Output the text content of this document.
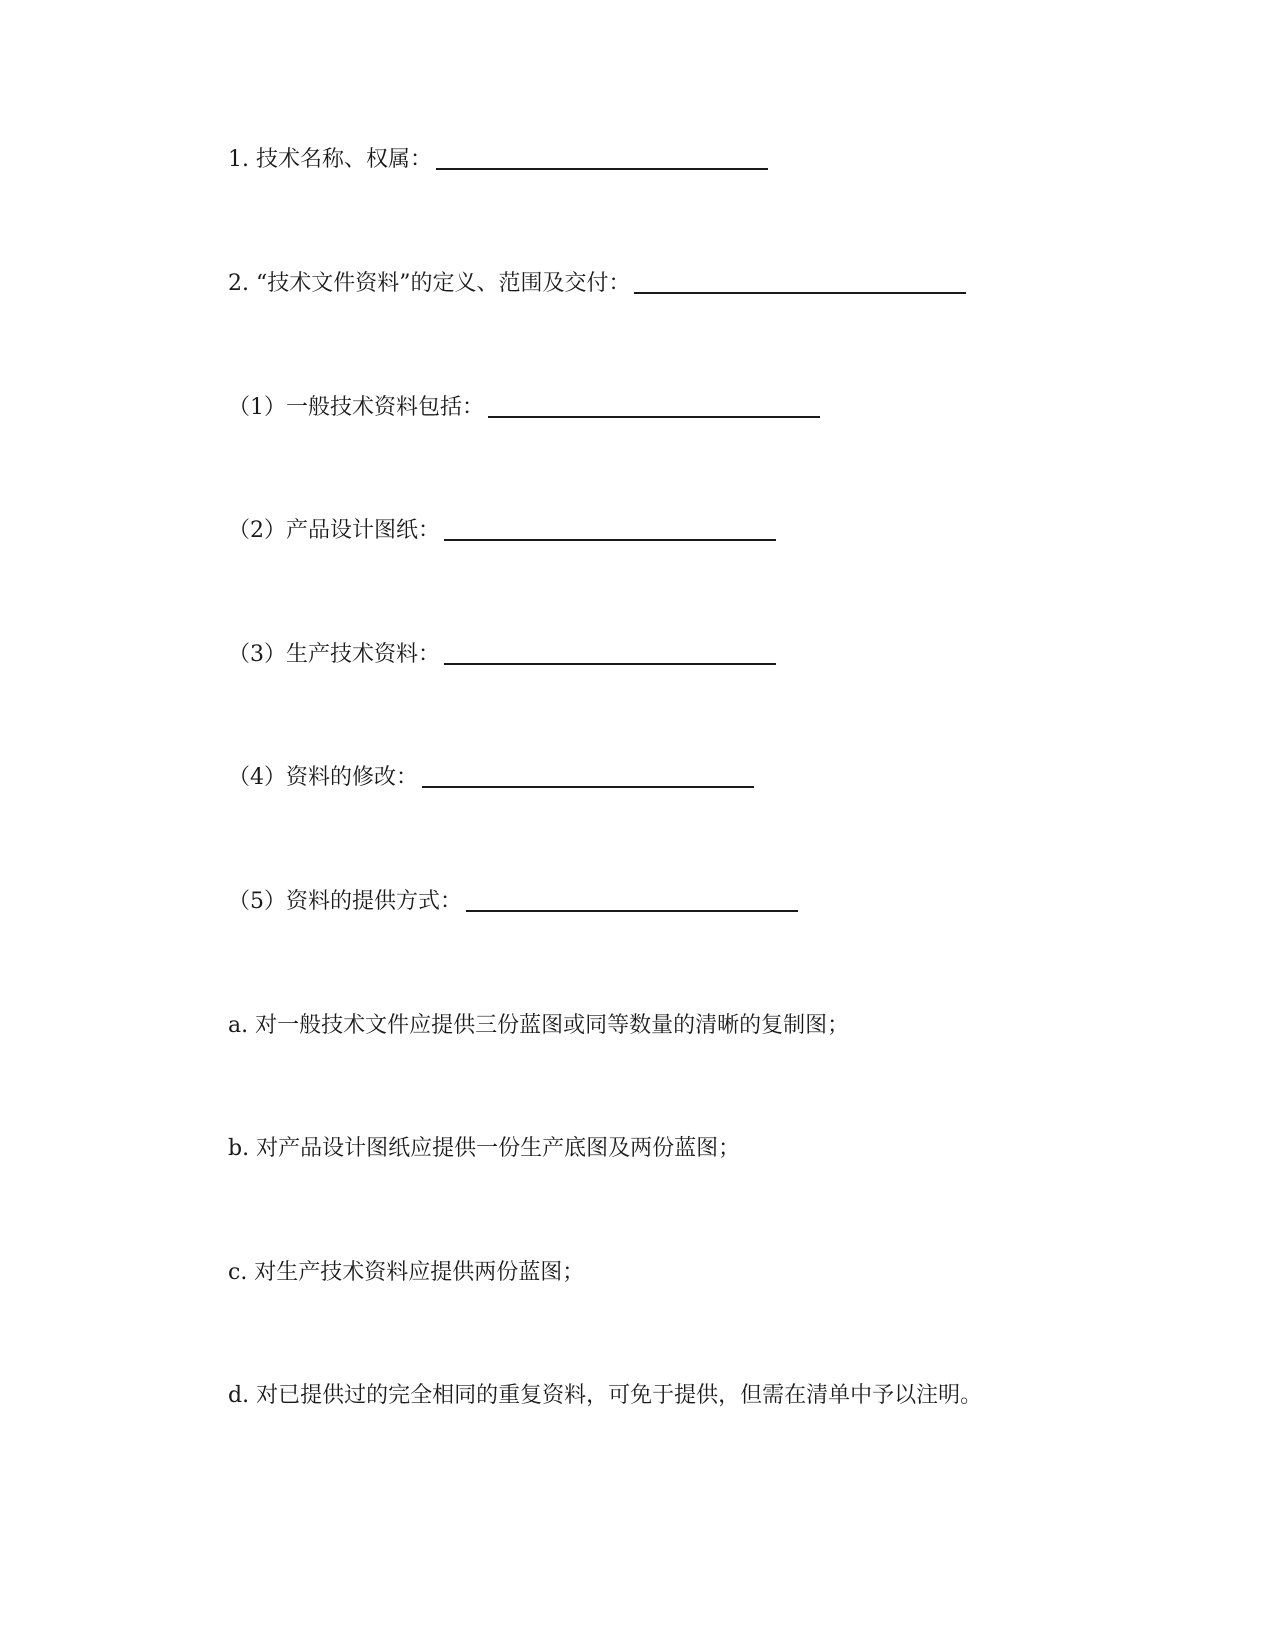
1. 技术名称、权属：
2. “技术文件资料”的定义、范围及交付：
（1）一般技术资料包括：
（2）产品设计图纸：
（3）生产技术资料：
（4）资料的修改：
（5）资料的提供方式：
a. 对一般技术文件应提供三份蓝图或同等数量的清晰的复制图；
b. 对产品设计图纸应提供一份生产底图及两份蓝图；
c. 对生产技术资料应提供两份蓝图；
d. 对已提供过的完全相同的重复资料，可免于提供，但需在清单中予以注明。
